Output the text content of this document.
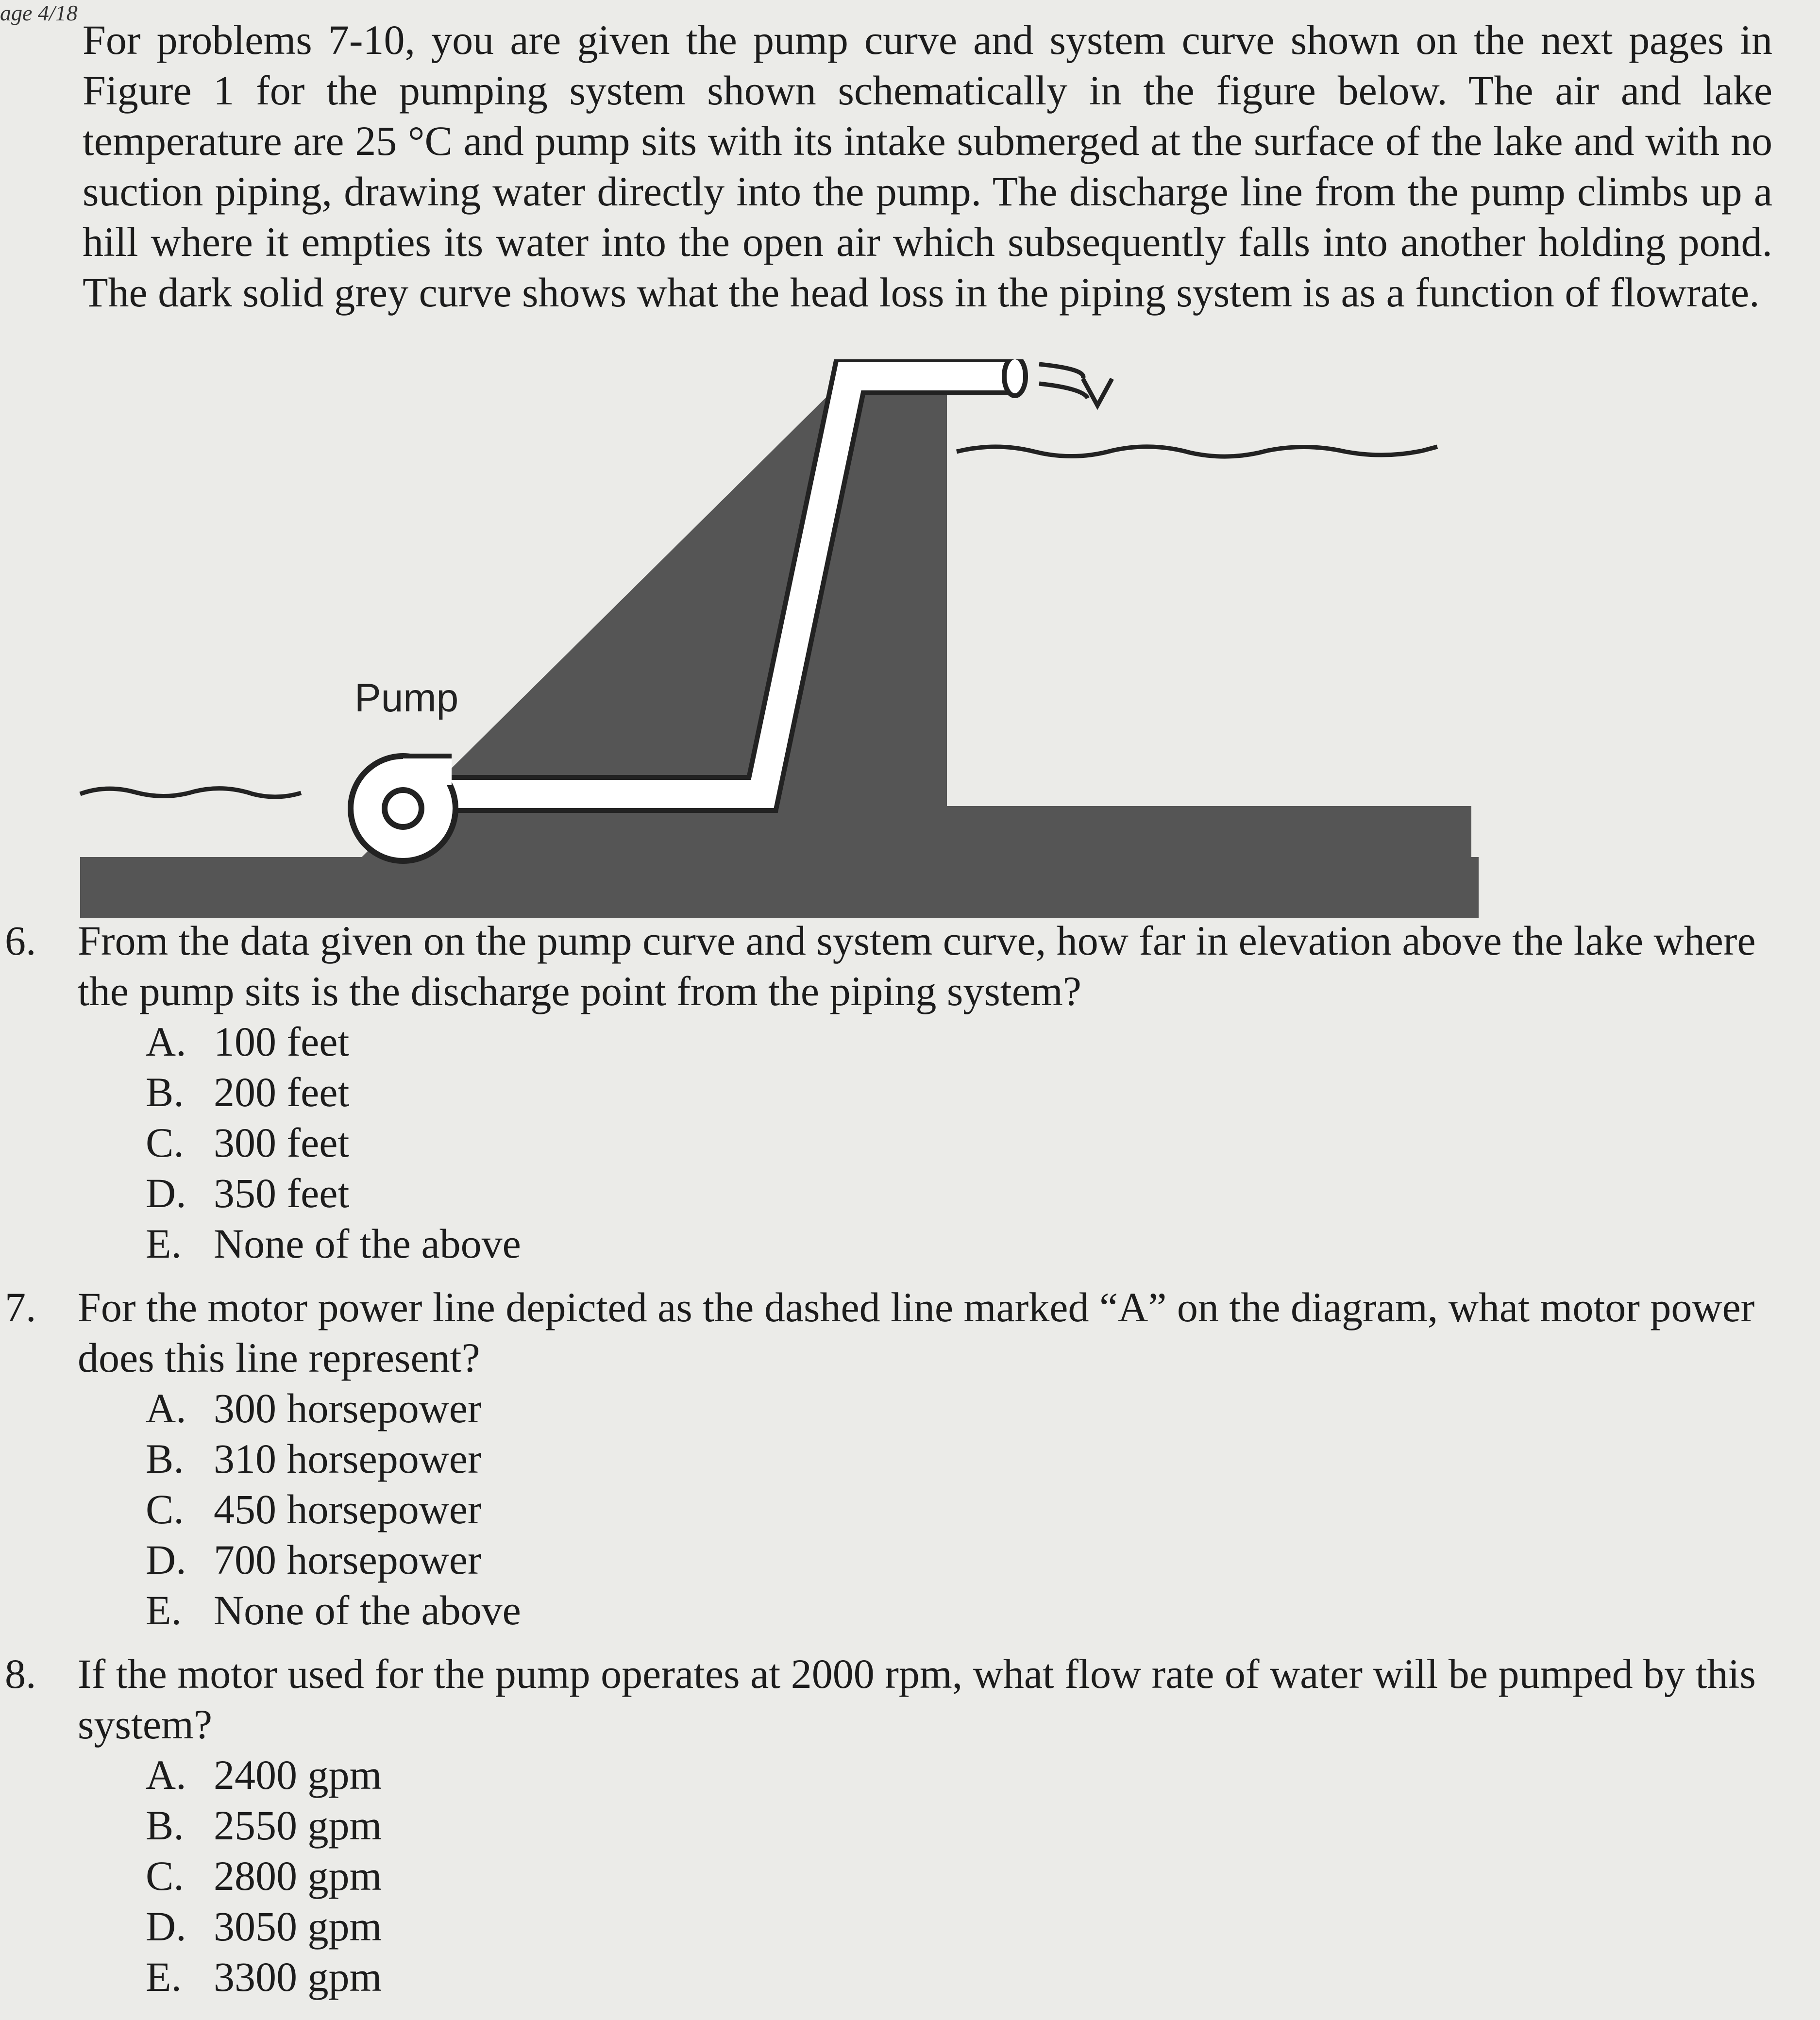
age 4/18

For problems 7-10, you are given the pump curve and system curve shown on the next pages in Figure 1 for the pumping system shown schematically in the figure below. The air and lake temperature are 25 °C and pump sits with its intake submerged at the surface of the lake and with no suction piping, drawing water directly into the pump. The discharge line from the pump climbs up a hill where it empties its water into the open air which subsequently falls into another holding pond. The dark solid grey curve shows what the head loss in the piping system is as a function of flowrate.

Pump
6. From the data given on the pump curve and system curve, how far in elevation above the lake where the pump sits is the discharge point from the piping system?
A. 100 feet
B. 200 feet
C. 300 feet
D. 350 feet
E. None of the above
7. For the motor power line depicted as the dashed line marked “A” on the diagram, what motor power does this line represent?
A. 300 horsepower
B. 310 horsepower
C. 450 horsepower
D. 700 horsepower
E. None of the above
8. If the motor used for the pump operates at 2000 rpm, what flow rate of water will be pumped by this system?
A. 2400 gpm
B. 2550 gpm
C. 2800 gpm
D. 3050 gpm
E. 3300 gpm
